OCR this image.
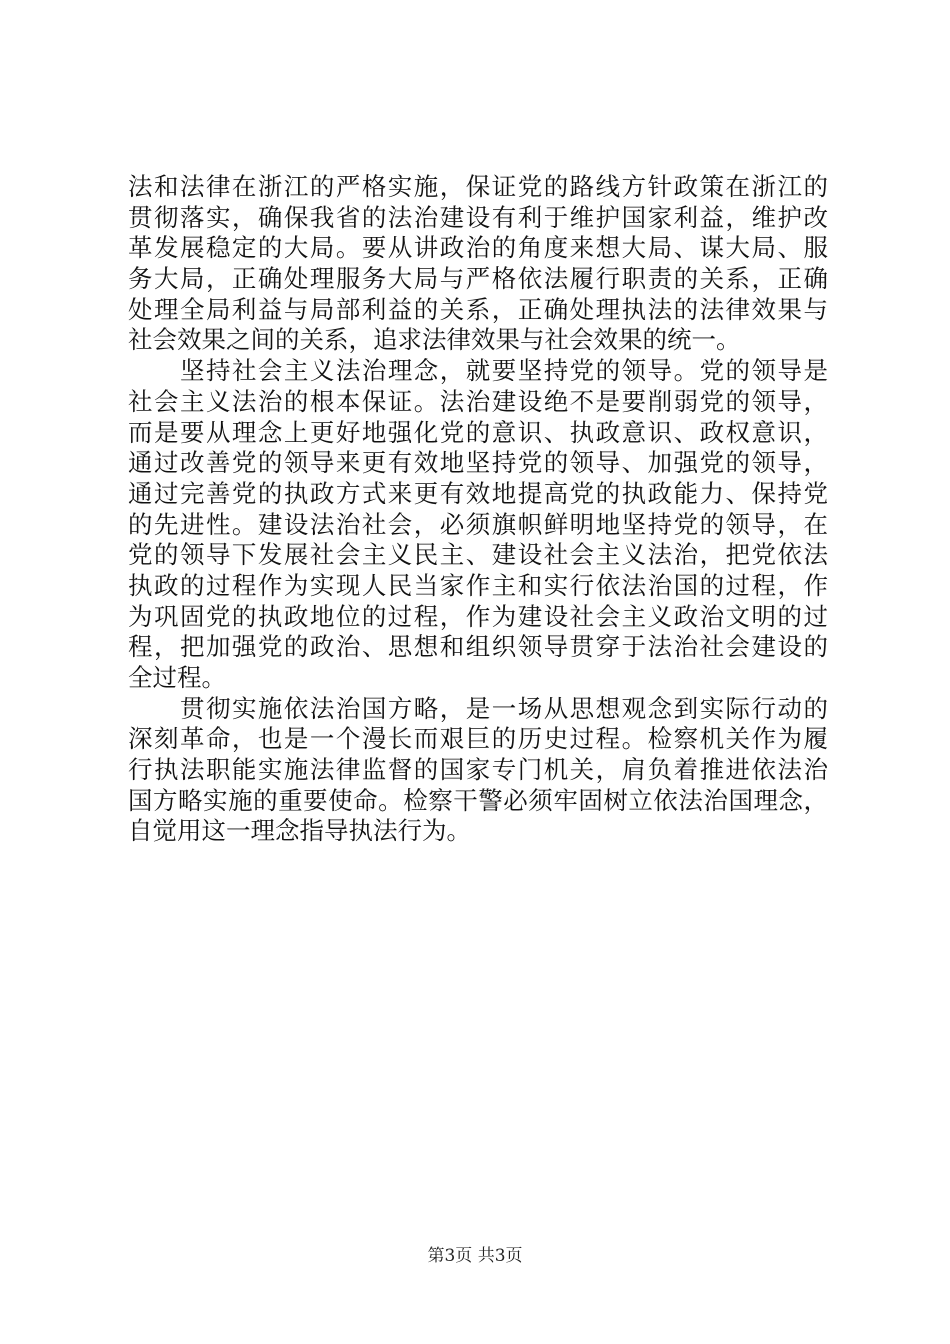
法和法律在浙江的严格实施，保证党的路线方针政策在浙江的
贯彻落实，确保我省的法治建设有利于维护国家利益，维护改
革发展稳定的大局。要从讲政治的角度来想大局、谋大局、服
务大局，正确处理服务大局与严格依法履行职责的关系，正确
处理全局利益与局部利益的关系，正确处理执法的法律效果与
社会效果之间的关系，追求法律效果与社会效果的统一。
坚持社会主义法治理念，就要坚持党的领导。党的领导是
社会主义法治的根本保证。法治建设绝不是要削弱党的领导，
而是要从理念上更好地强化党的意识、执政意识、政权意识，
通过改善党的领导来更有效地坚持党的领导、加强党的领导，
通过完善党的执政方式来更有效地提高党的执政能力、保持党
的先进性。建设法治社会，必须旗帜鲜明地坚持党的领导，在
党的领导下发展社会主义民主、建设社会主义法治，把党依法
执政的过程作为实现人民当家作主和实行依法治国的过程，作
为巩固党的执政地位的过程，作为建设社会主义政治文明的过
程，把加强党的政治、思想和组织领导贯穿于法治社会建设的
全过程。
贯彻实施依法治国方略，是一场从思想观念到实际行动的
深刻革命，也是一个漫长而艰巨的历史过程。检察机关作为履
行执法职能实施法律监督的国家专门机关，肩负着推进依法治
国方略实施的重要使命。检察干警必须牢固树立依法治国理念，
自觉用这一理念指导执法行为。
第3页 共3页
